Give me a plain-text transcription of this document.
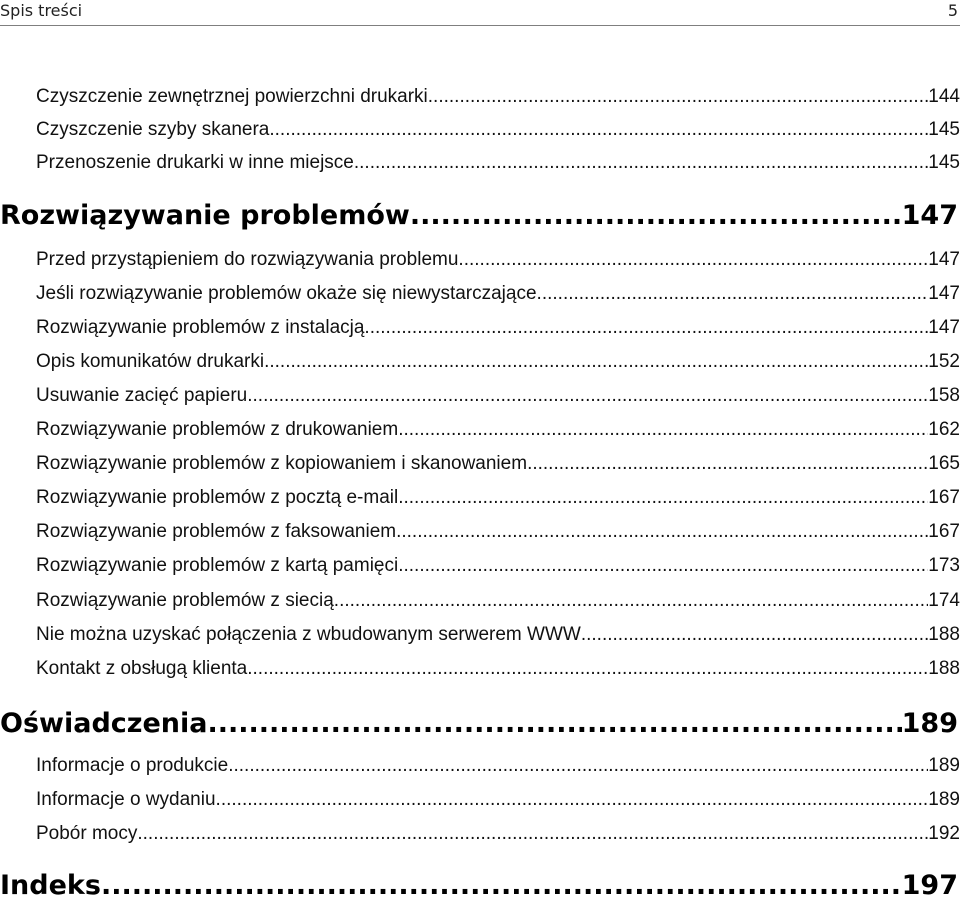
Spis treści	5
Czyszczenie zewnętrznej powierzchni drukarki .....	144
Czyszczenie szyby skanera .....	145
Przenoszenie drukarki w inne miejsce .....	145
Rozwiązywanie problemów .....	147
Przed przystąpieniem do rozwiązywania problemu .....	147
Jeśli rozwiązywanie problemów okaże się niewystarczające .....	147
Rozwiązywanie problemów z instalacją .....	147
Opis komunikatów drukarki .....	152
Usuwanie zacięć papieru .....	158
Rozwiązywanie problemów z drukowaniem .....	162
Rozwiązywanie problemów z kopiowaniem i skanowaniem .....	165
Rozwiązywanie problemów z pocztą e-mail .....	167
Rozwiązywanie problemów z faksowaniem .....	167
Rozwiązywanie problemów z kartą pamięci .....	173
Rozwiązywanie problemów z siecią .....	174
Nie można uzyskać połączenia z wbudowanym serwerem WWW .....	188
Kontakt z obsługą klienta .....	188
Oświadczenia .....	189
Informacje o produkcie .....	189
Informacje o wydaniu .....	189
Pobór mocy .....	192
Indeks .....	197
